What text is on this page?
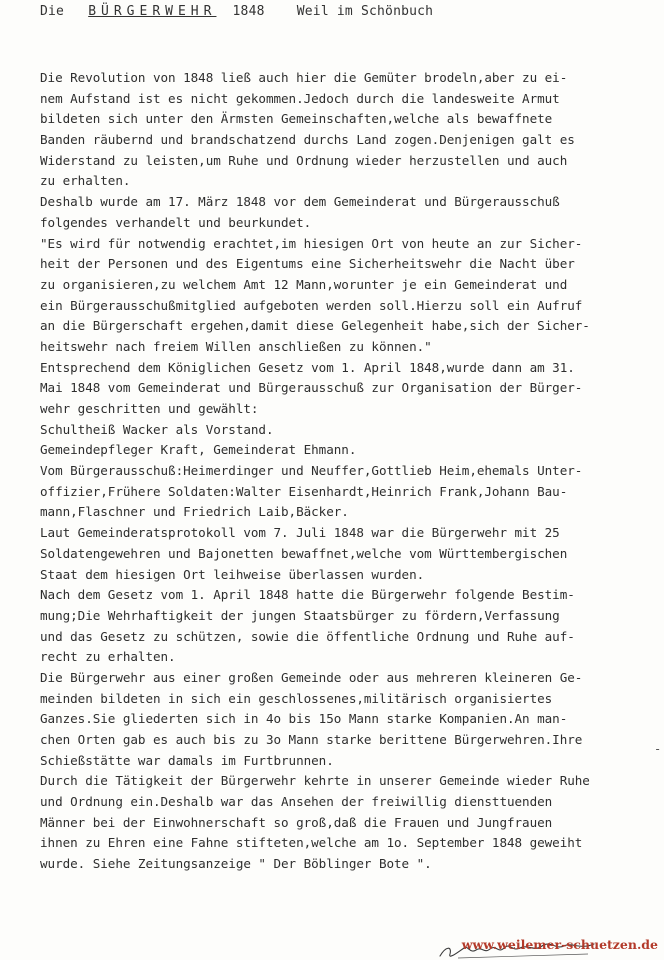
Die BÜRGERWEHR 1848 Weil im Schönbuch
Die Revolution von 1848 ließ auch hier die Gemüter brodeln,aber zu ei-
nem Aufstand ist es nicht gekommen.Jedoch durch die landesweite Armut
bildeten sich unter den Ärmsten Gemeinschaften,welche als bewaffnete
Banden räubernd und brandschatzend durchs Land zogen.Denjenigen galt es
Widerstand zu leisten,um Ruhe und Ordnung wieder herzustellen und auch
zu erhalten.
Deshalb wurde am 17. März 1848 vor dem Gemeinderat und Bürgerausschuß
folgendes verhandelt und beurkundet.
"Es wird für notwendig erachtet,im hiesigen Ort von heute an zur Sicher-
heit der Personen und des Eigentums eine Sicherheitswehr die Nacht über
zu organisieren,zu welchem Amt 12 Mann,worunter je ein Gemeinderat und
ein Bürgerausschußmitglied aufgeboten werden soll.Hierzu soll ein Aufruf
an die Bürgerschaft ergehen,damit diese Gelegenheit habe,sich der Sicher-
heitswehr nach freiem Willen anschließen zu können."
Entsprechend dem Königlichen Gesetz vom 1. April 1848,wurde dann am 31.
Mai 1848 vom Gemeinderat und Bürgerausschuß zur Organisation der Bürger-
wehr geschritten und gewählt:
Schultheiß Wacker als Vorstand.
Gemeindepfleger Kraft, Gemeinderat Ehmann.
Vom Bürgerausschuß:Heimerdinger und Neuffer,Gottlieb Heim,ehemals Unter-
offizier,Frühere Soldaten:Walter Eisenhardt,Heinrich Frank,Johann Bau-
mann,Flaschner und Friedrich Laib,Bäcker.
Laut Gemeinderatsprotokoll vom 7. Juli 1848 war die Bürgerwehr mit 25
Soldatengewehren und Bajonetten bewaffnet,welche vom Württembergischen
Staat dem hiesigen Ort leihweise überlassen wurden.
Nach dem Gesetz vom 1. April 1848 hatte die Bürgerwehr folgende Bestim-
mung;Die Wehrhaftigkeit der jungen Staatsbürger zu fördern,Verfassung
und das Gesetz zu schützen, sowie die öffentliche Ordnung und Ruhe auf-
recht zu erhalten.
Die Bürgerwehr aus einer großen Gemeinde oder aus mehreren kleineren Ge-
meinden bildeten in sich ein geschlossenes,militärisch organisiertes
Ganzes.Sie gliederten sich in 4o bis 15o Mann starke Kompanien.An man-
chen Orten gab es auch bis zu 3o Mann starke berittene Bürgerwehren.Ihre
Schießstätte war damals im Furtbrunnen.
Durch die Tätigkeit der Bürgerwehr kehrte in unserer Gemeinde wieder Ruhe
und Ordnung ein.Deshalb war das Ansehen der freiwillig diensttuenden
Männer bei der Einwohnerschaft so groß,daß die Frauen und Jungfrauen
ihnen zu Ehren eine Fahne stifteten,welche am 1o. September 1848 geweiht
wurde. Siehe Zeitungsanzeige " Der Böblinger Bote ".
-
www.weilemer-schuetzen.de
